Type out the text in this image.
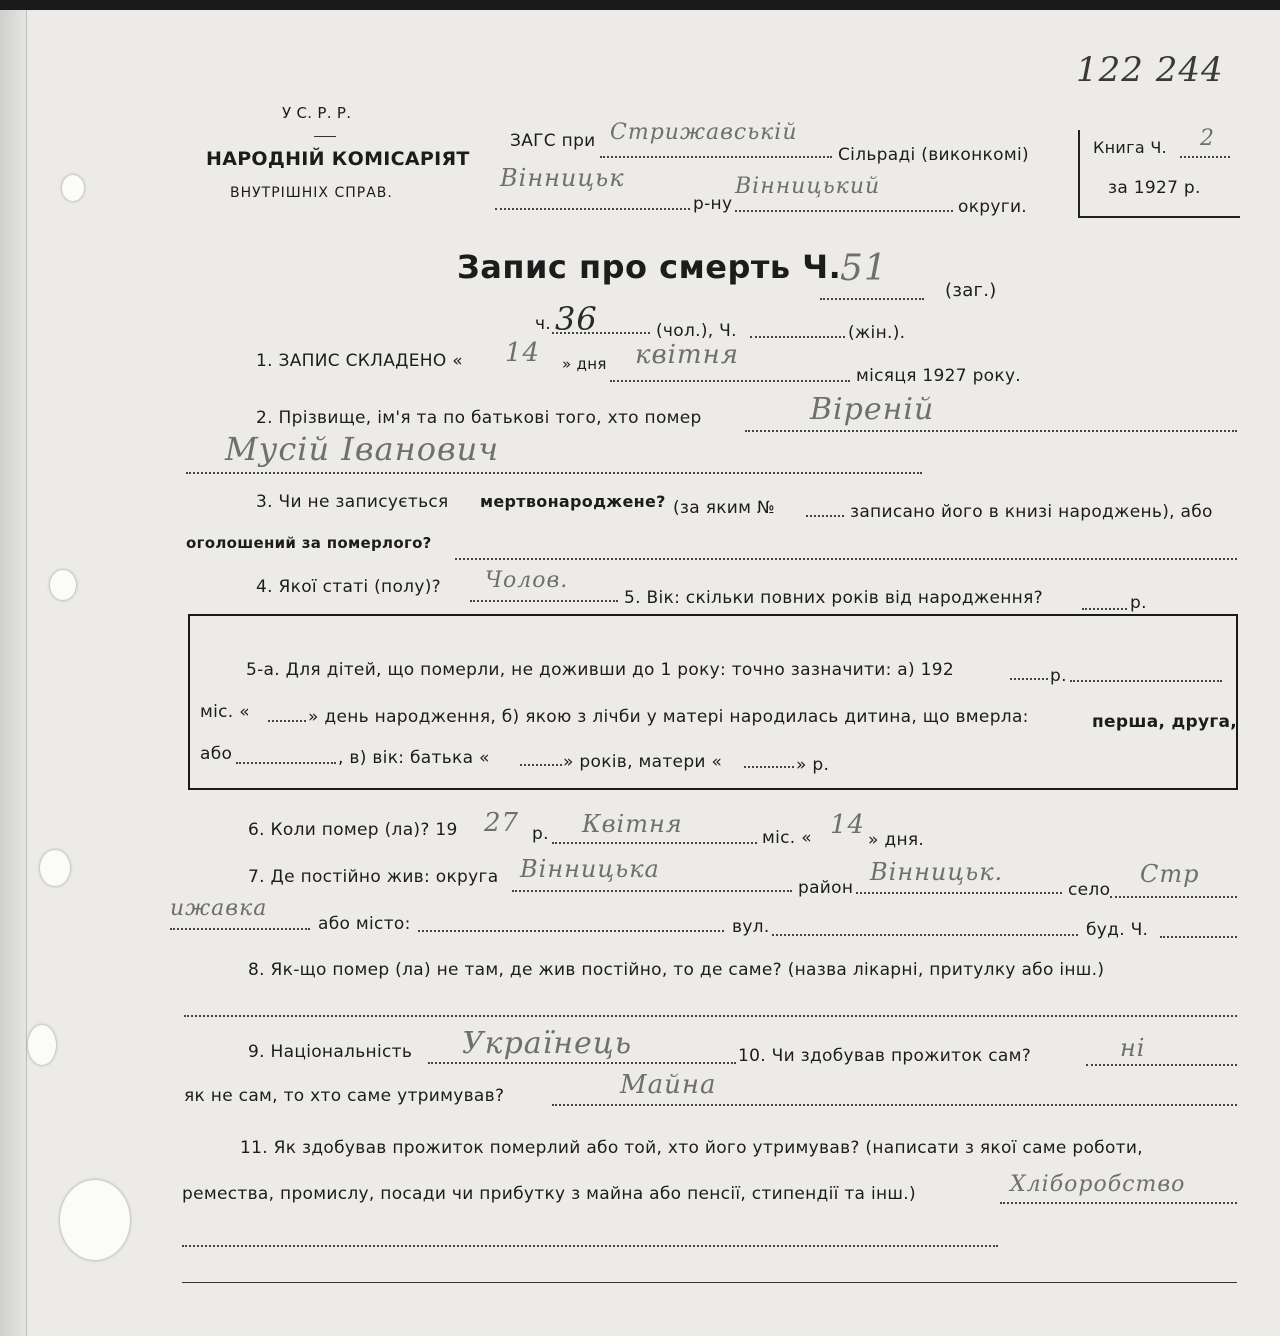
У С. Р. Р.
НАРОДНІЙ КОМІСАРІЯТ
ВНУТРІШНІХ СПРАВ.
ЗАГС при Стрижавській
Сільраді (виконкомі)
Вінницьк
р-ну
Вінницький
округи.
Книга Ч. 2
за 1927 р.
122 244
Запис про смерть Ч.
51
(заг.)
ч. 36	(чол.), Ч.	(жін.).
1. ЗАПИС СКЛАДЕНО « 14 » дня квітня
місяця 1927 року.
2. Прізвище, ім'я та по батькові того, хто помер	Віреній
Мусій Іванович
3. Чи не записується мертвонароджене? (за яким №	записано його в книзі народжень), або
оголошений за померлого?
4. Якої статі (полу)? Чолов.
5. Вік: скільки повних років від народження?	р.
5-а. Для дітей, що померли, не доживши до 1 року: точно зазначити: а) 192	р.
міс. «	» день народження, б) якою з лічби у матері народилась дитина, що вмерла:	перша, друга,
або	, в) вік: батька «	» років, матери «	» р.
6. Коли помер (ла)? 19 27 р. Квітня	міс. « 14 » дня.
7. Де постійно жив: округа Вінницька
район
Вінницьк.
село
Стр
ижавка
або місто:	вул.	буд. Ч.
8. Як-що помер (ла) не там, де жив постійно, то де саме? (назва лікарні, притулку або інш.)
9. Національність Українець	10. Чи здобував прожиток сам?	ні
як не сам, то хто саме утримував?	Майна
11. Як здобував прожиток померлий або той, хто його утримував? (написати з якої саме роботи,
ремества, промислу, посади чи прибутку з майна або пенсії, стипендії та інш.)	Хліборобство
